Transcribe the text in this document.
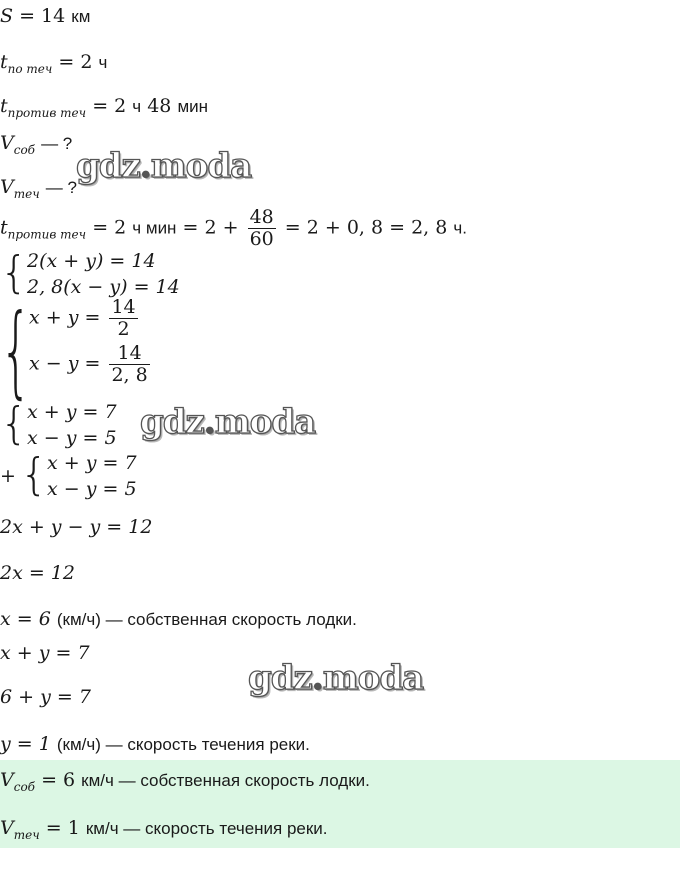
S = 14 км
$t_{по теч} = 2$ ч
$t_{против теч} = 2$ ч 48 мин
$V_{соб}$ — ?
$V_{теч}$ — ?
$t_{против теч} = 2$ ч мин = $2 + \frac{48}{60} = 2 + 0$, 8 = 2, 8 ч.
{ 2(x + y) = 14
2, 8(x − y) = 14
{
$x + y = \frac{14}{2}$
$x - y = \frac{14}{2, 8}$
{ x + y = 7
x − y = 5
+ { x + y = 7
x − y = 5
2x + y − y = 12
2x = 12
x = 6 (км/ч) — собственная скорость лодки.
x + y = 7
6 + y = 7
y = 1 (км/ч) — скорость течения реки.
$V_{соб} = 6$ км/ч — собственная скорость лодки.
$V_{теч} = 1$ км/ч — скорость течения реки.
gdz.moda
gdz.moda
gdz.moda
